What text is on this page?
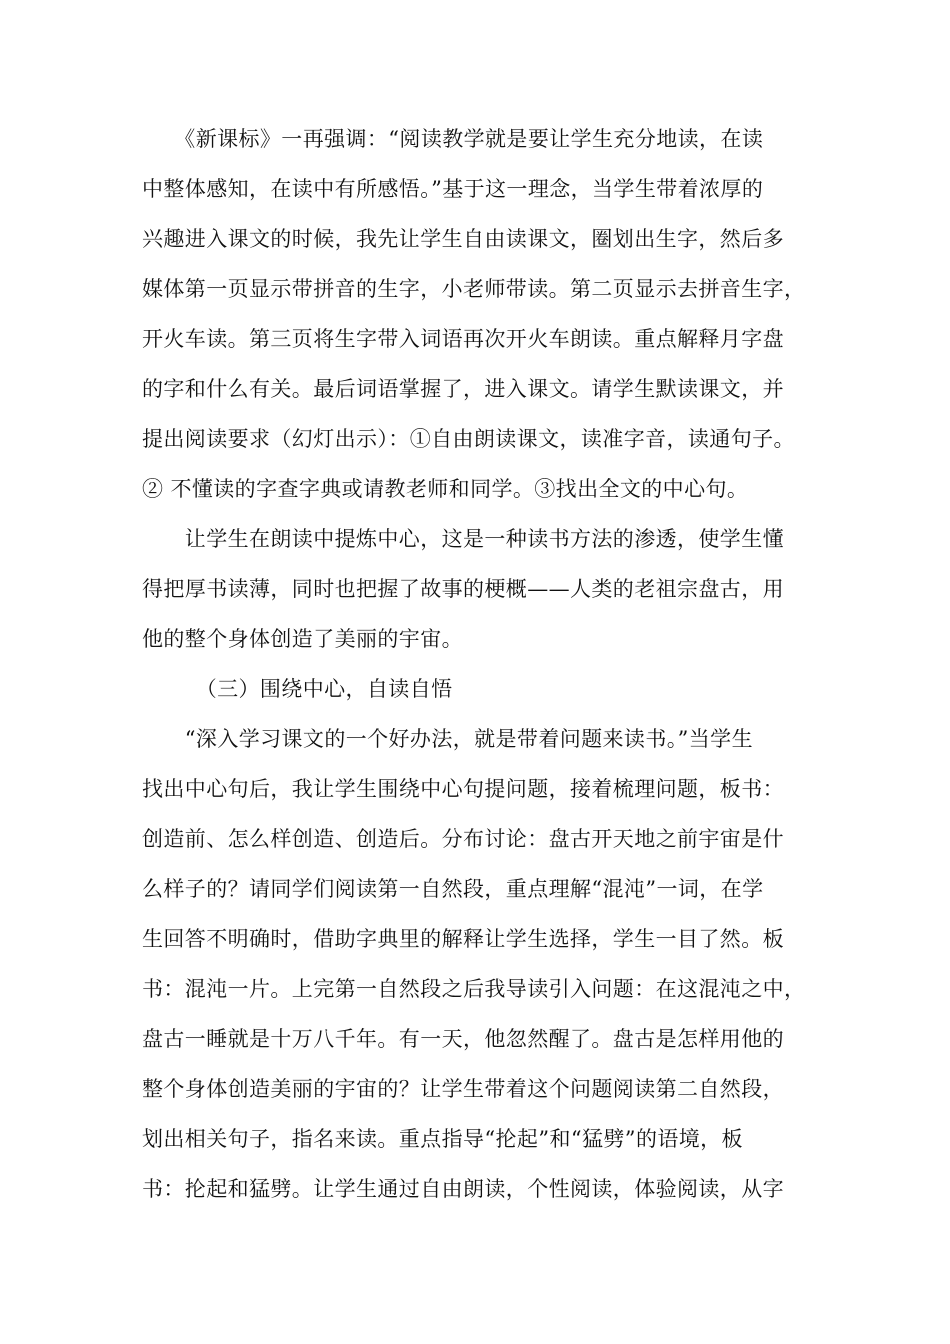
　　《新课标》一再强调：“阅读教学就是要让学生充分地读，在读
中整体感知，在读中有所感悟。”基于这一理念，当学生带着浓厚的
兴趣进入课文的时候，我先让学生自由读课文，圈划出生字，然后多
媒体第一页显示带拼音的生字，小老师带读。第二页显示去拼音生字，
开火车读。第三页将生字带入词语再次开火车朗读。重点解释月字盘
的字和什么有关。最后词语掌握了，进入课文。请学生默读课文，并
提出阅读要求（幻灯出示）：①自由朗读课文，读准字音，读通句子。
② 不懂读的字查字典或请教老师和同学。③找出全文的中心句。
　　让学生在朗读中提炼中心，这是一种读书方法的渗透，使学生懂
得把厚书读薄，同时也把握了故事的梗概——人类的老祖宗盘古，用
他的整个身体创造了美丽的宇宙。
　　　（三）围绕中心，自读自悟
　　“深入学习课文的一个好办法，就是带着问题来读书。”当学生
找出中心句后，我让学生围绕中心句提问题，接着梳理问题，板书：
创造前、怎么样创造、创造后。分布讨论：盘古开天地之前宇宙是什
么样子的？请同学们阅读第一自然段，重点理解“混沌”一词，在学
生回答不明确时，借助字典里的解释让学生选择，学生一目了然。板
书：混沌一片。上完第一自然段之后我导读引入问题：在这混沌之中，
盘古一睡就是十万八千年。有一天，他忽然醒了。盘古是怎样用他的
整个身体创造美丽的宇宙的？让学生带着这个问题阅读第二自然段，
划出相关句子，指名来读。重点指导“抡起”和“猛劈”的语境，板
书：抡起和猛劈。让学生通过自由朗读，个性阅读，体验阅读，从字
